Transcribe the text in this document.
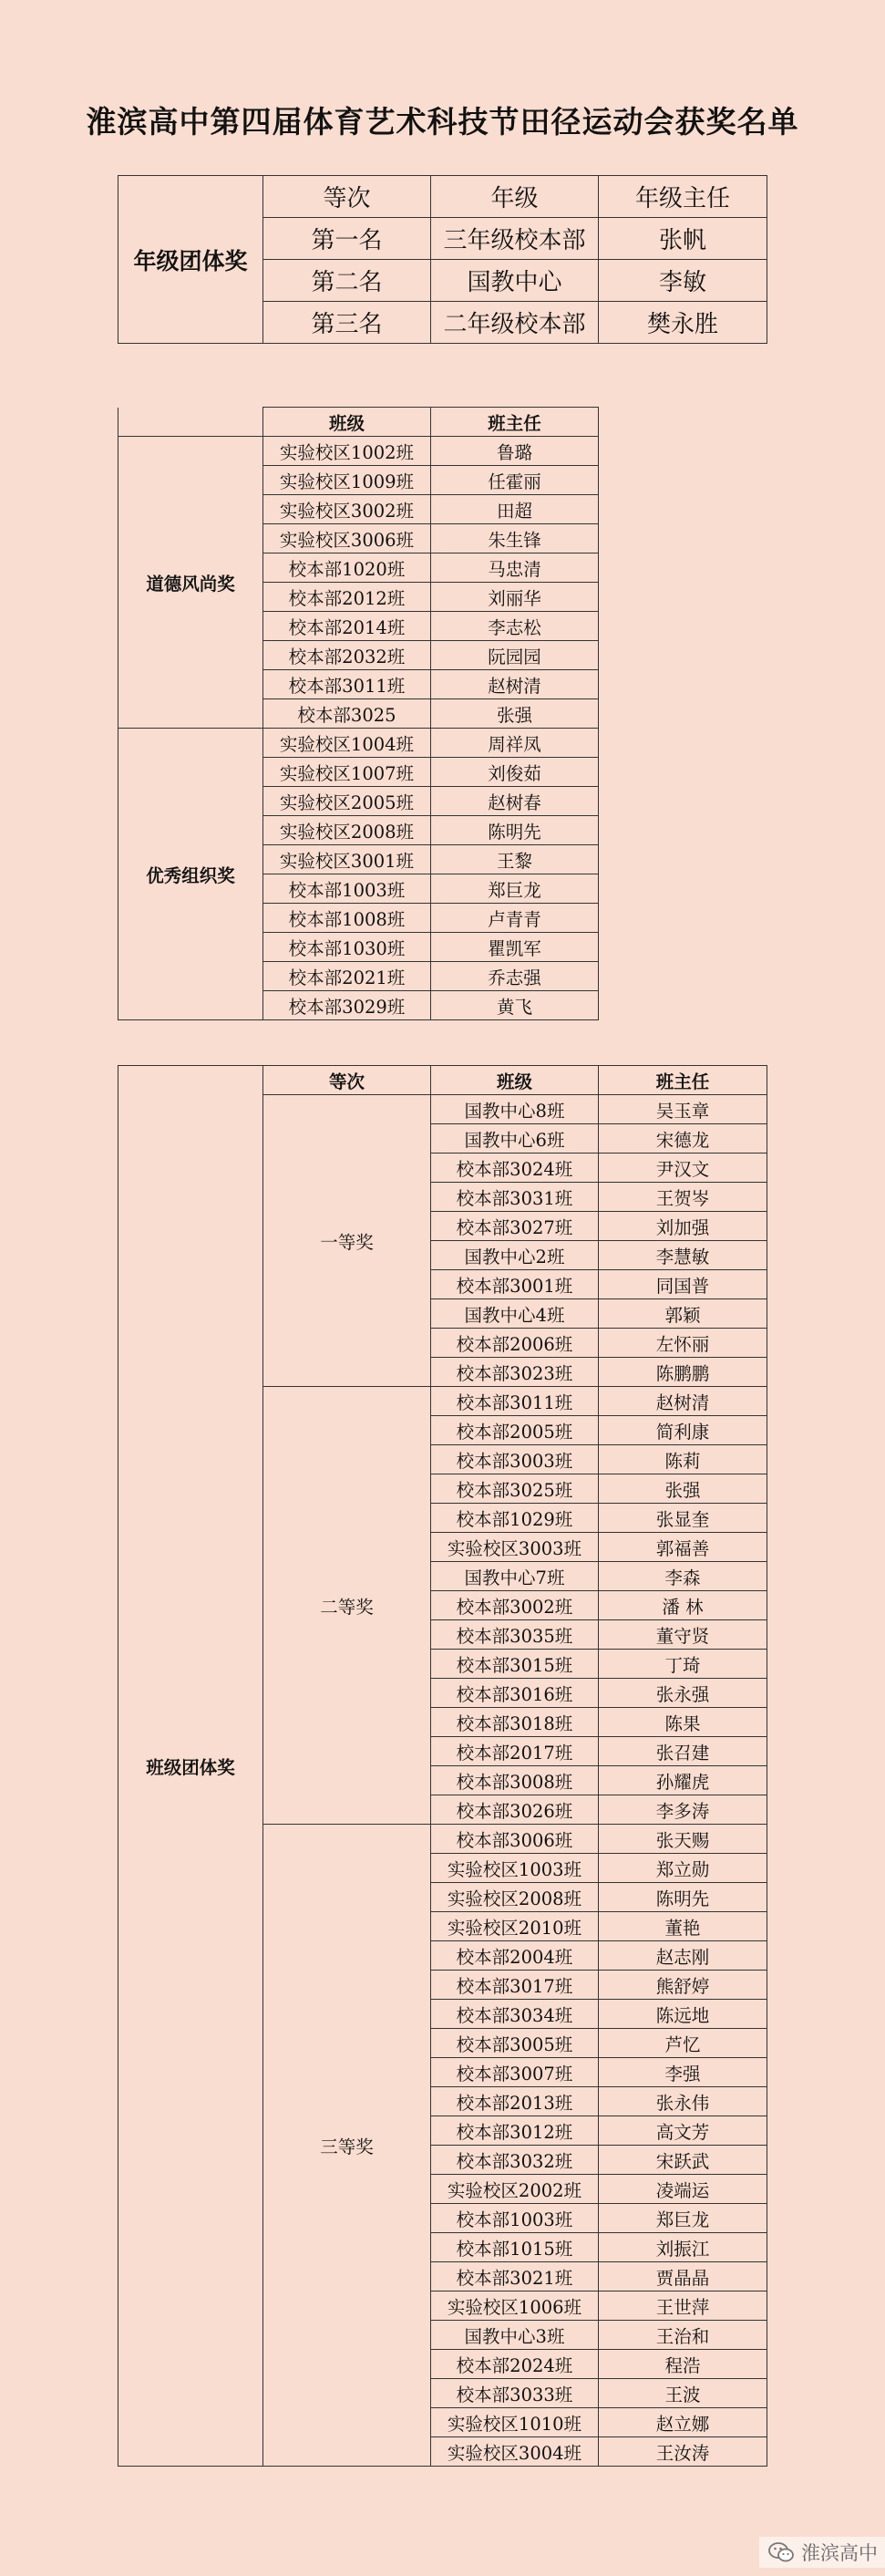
淮滨高中第四届体育艺术科技节田径运动会获奖名单
年级团体奖	等次	年级	年级主任
	第一名	三年级校本部	张帆
	第二名	国教中心	李敏
	第三名	二年级校本部	樊永胜
	班级	班主任
道德风尚奖	实验校区1002班	鲁璐
	实验校区1009班	任霍丽
	实验校区3002班	田超
	实验校区3006班	朱生锋
	校本部1020班	马忠清
	校本部2012班	刘丽华
	校本部2014班	李志松
	校本部2032班	阮园园
	校本部3011班	赵树清
	校本部3025	张强
优秀组织奖	实验校区1004班	周祥凤
	实验校区1007班	刘俊茹
	实验校区2005班	赵树春
	实验校区2008班	陈明先
	实验校区3001班	王黎
	校本部1003班	郑巨龙
	校本部1008班	卢青青
	校本部1030班	瞿凯军
	校本部2021班	乔志强
	校本部3029班	黄飞
班级团体奖	等次	班级	班主任
	一等奖	国教中心8班	吴玉章
		国教中心6班	宋德龙
		校本部3024班	尹汉文
		校本部3031班	王贺岑
		校本部3027班	刘加强
		国教中心2班	李慧敏
		校本部3001班	同国普
		国教中心4班	郭颖
		校本部2006班	左怀丽
		校本部3023班	陈鹏鹏
	二等奖	校本部3011班	赵树清
		校本部2005班	简利康
		校本部3003班	陈莉
		校本部3025班	张强
		校本部1029班	张显奎
		实验校区3003班	郭福善
		国教中心7班	李森
		校本部3002班	潘 林
		校本部3035班	董守贤
		校本部3015班	丁琦
		校本部3016班	张永强
		校本部3018班	陈果
		校本部2017班	张召建
		校本部3008班	孙耀虎
		校本部3026班	李多涛
	三等奖	校本部3006班	张天赐
		实验校区1003班	郑立勋
		实验校区2008班	陈明先
		实验校区2010班	董艳
		校本部2004班	赵志刚
		校本部3017班	熊舒婷
		校本部3034班	陈远地
		校本部3005班	芦忆
		校本部3007班	李强
		校本部2013班	张永伟
		校本部3012班	高文芳
		校本部3032班	宋跃武
		实验校区2002班	凌端运
		校本部1003班	郑巨龙
		校本部1015班	刘振江
		校本部3021班	贾晶晶
		实验校区1006班	王世萍
		国教中心3班	王治和
		校本部2024班	程浩
		校本部3033班	王波
		实验校区1010班	赵立娜
		实验校区3004班	王汝涛
淮滨高中
